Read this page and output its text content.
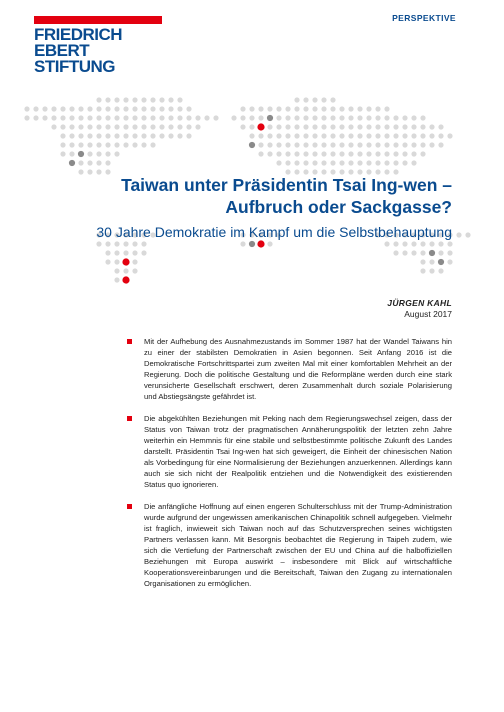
FRIEDRICH
EBERT
STIFTUNG
PERSPEKTIVE
Taiwan unter Präsidentin Tsai Ing-wen –
Aufbruch oder Sackgasse?
30 Jahre Demokratie im Kampf um die Selbstbehauptung
JÜRGEN KAHL
August 2017
Mit der Aufhebung des Ausnahmezustands im Sommer 1987 hat der Wandel Taiwans hin zu einer der stabilsten Demokratien in Asien begonnen. Seit Anfang 2016 ist die Demokratische Fortschrittspartei zum zweiten Mal mit einer komfortablen Mehrheit an der Regierung. Doch die politische Gestaltung und die Reformpläne werden durch eine stark verunsicherte Gesellschaft erschwert, deren Zusammenhalt durch soziale Polarisierung und Abstiegsängste gefährdet ist.
Die abgekühlten Beziehungen mit Peking nach dem Regierungswechsel zeigen, dass der Status von Taiwan trotz der pragmatischen Annäherungspolitik der letzten zehn Jahre weiterhin ein Hemmnis für eine stabile und selbstbestimmte politische Zukunft des Landes darstellt. Präsidentin Tsai Ing-wen hat sich geweigert, die Einheit der chinesischen Nation als Vorbedingung für eine Normalisierung der Beziehungen anzuerkennen. Allerdings kann auch sie sich nicht der Realpolitik entziehen und die Notwendigkeit des existierenden Status quo ignorieren.
Die anfängliche Hoffnung auf einen engeren Schulterschluss mit der Trump-Administration wurde aufgrund der ungewissen amerikanischen Chinapolitik schnell aufgegeben. Vielmehr ist fraglich, inwieweit sich Taiwan noch auf das Schutzversprechen seines wichtigsten Partners verlassen kann. Mit Besorgnis beobachtet die Regierung in Taipeh zudem, wie sich die Vertiefung der Partnerschaft zwischen der EU und China auf die halboffiziellen Beziehungen mit Europa auswirkt – insbesondere mit Blick auf wirtschaftliche Kooperationsvereinbarungen und die Bereitschaft, Taiwan den Zugang zu internationalen Organisationen zu ermöglichen.
